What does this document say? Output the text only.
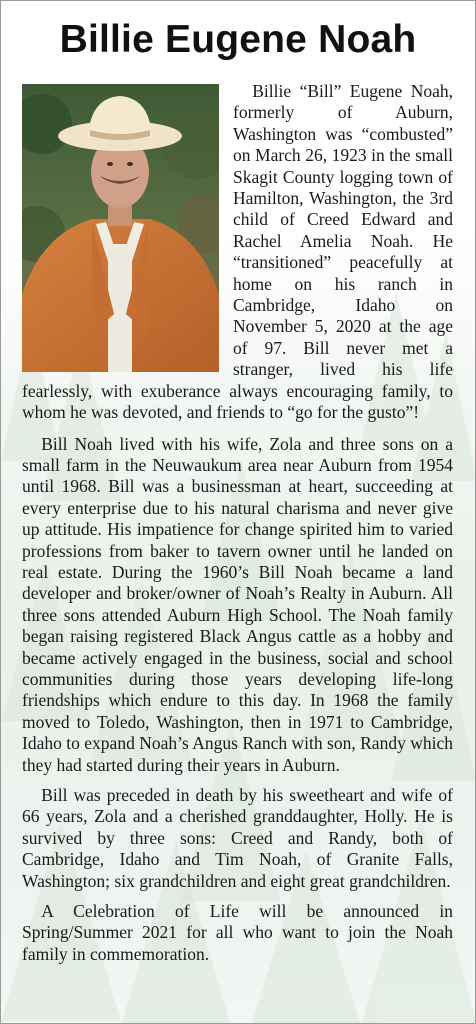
Billie Eugene Noah

Billie “Bill” Eugene Noah, formerly of Auburn, Washington was “combusted” on March 26, 1923 in the small Skagit County logging town of Hamilton, Washington, the 3rd child of Creed Edward and Rachel Amelia Noah. He “transitioned” peacefully at home on his ranch in Cambridge, Idaho on November 5, 2020 at the age of 97. Bill never met a stranger, lived his life fearlessly, with exuberance always encouraging family, to whom he was devoted, and friends to “go for the gusto”!

Bill Noah lived with his wife, Zola and three sons on a small farm in the Neuwaukum area near Auburn from 1954 until 1968. Bill was a businessman at heart, succeeding at every enterprise due to his natural charisma and never give up attitude. His impatience for change spirited him to varied professions from baker to tavern owner until he landed on real estate. During the 1960’s Bill Noah became a land developer and broker/owner of Noah’s Realty in Auburn. All three sons attended Auburn High School. The Noah family began raising registered Black Angus cattle as a hobby and became actively engaged in the business, social and school communities during those years developing life-long friendships which endure to this day. In 1968 the family moved to Toledo, Washington, then in 1971 to Cambridge, Idaho to expand Noah’s Angus Ranch with son, Randy which they had started during their years in Auburn.

Bill was preceded in death by his sweetheart and wife of 66 years, Zola and a cherished granddaughter, Holly. He is survived by three sons: Creed and Randy, both of Cambridge, Idaho and Tim Noah, of Granite Falls, Washington; six grandchildren and eight great grandchildren.

A Celebration of Life will be announced in Spring/Summer 2021 for all who want to join the Noah family in commemoration.
